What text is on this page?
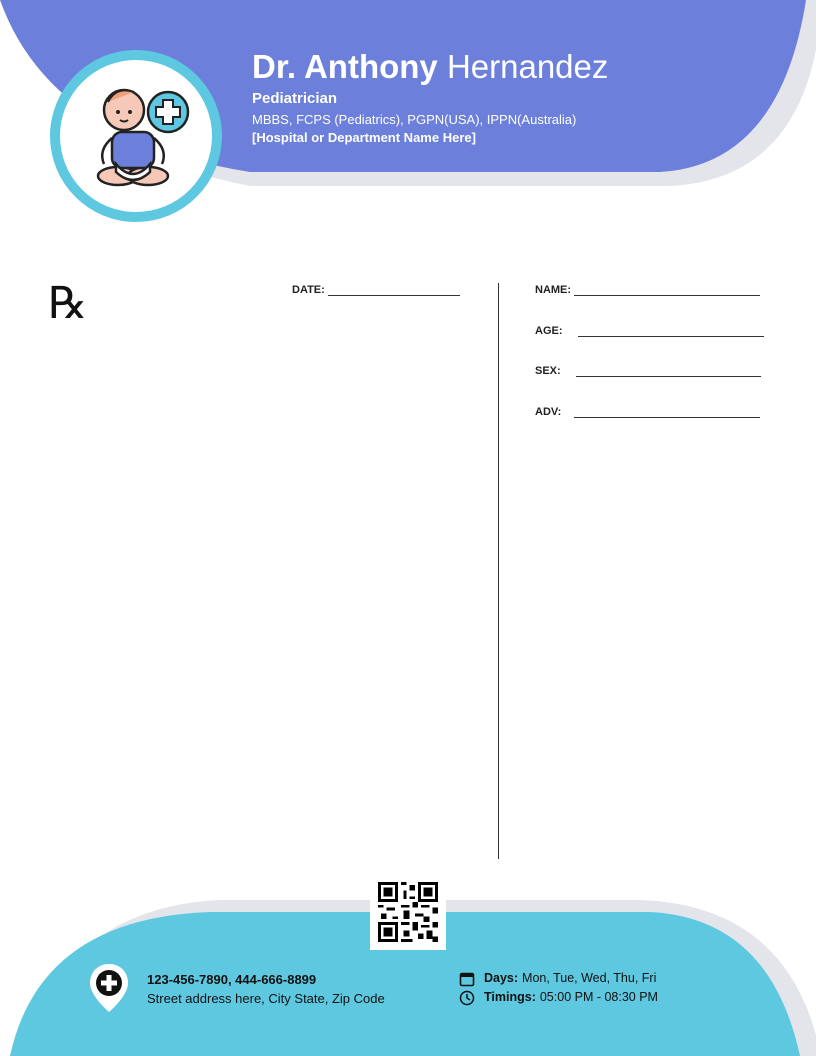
Dr. Anthony Hernandez
Pediatrician
MBBS, FCPS (Pediatrics), PGPN(USA), IPPN(Australia)
[Hospital or Department Name Here]
℞	DATE:	NAME:
AGE:
SEX:
ADV:
123-456-7890, 444-666-8899
Street address here, City State, Zip Code
Days: Mon, Tue, Wed, Thu, Fri
Timings: 05:00 PM - 08:30 PM
